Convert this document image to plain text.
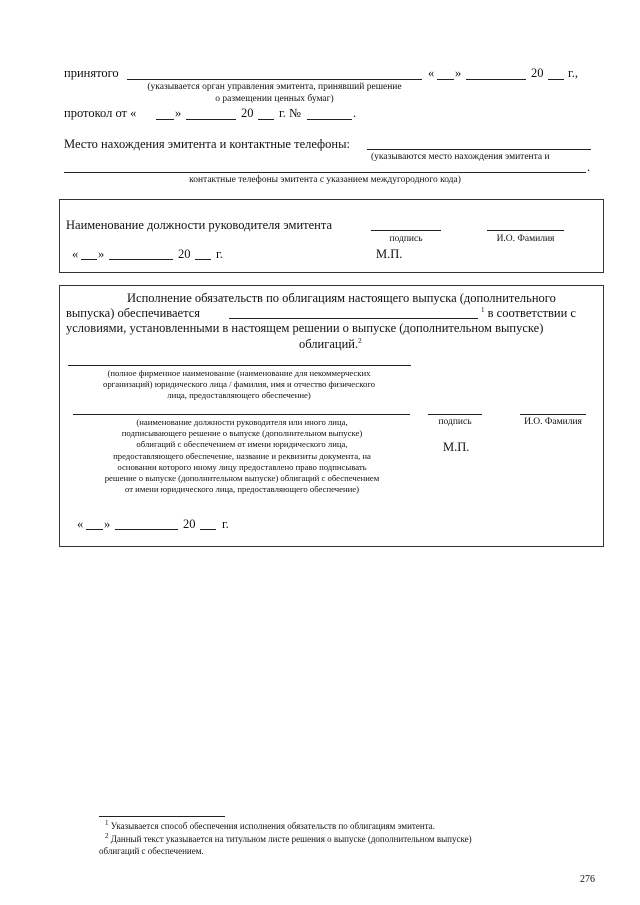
принятого	« »	20 г.,
(указывается орган управления эмитента, принявший решение
о размещении ценных бумаг)
протокол от «	»	20 г. №	.
Место нахождения эмитента и контактные телефоны:
(указываются место нахождения эмитента и
.
контактные телефоны эмитента с указанием междугородного кода)
Наименование должности руководителя эмитента
подпись	И.О. Фамилия
« »	20 г.	М.П.
Исполнение обязательств по облигациям настоящего выпуска (дополнительного
выпуска) обеспечивается	$^1$ в соответствии с
условиями, установленными в настоящем решении о выпуске (дополнительном выпуске)
облигаций.$^2$
(полное фирменное наименование (наименование для некоммерческих
организаций) юридического лица / фамилия, имя и отчество физического
лица, предоставляющего обеспечение)
(наименование должности руководителя или иного лица,
подписывающего решение о выпуске (дополнительном выпуске)
облигаций с обеспечением от имени юридического лица,
предоставляющего обеспечение, название и реквизиты документа, на
основании которого иному лицу предоставлено право подписывать
решение о выпуске (дополнительном выпуске) облигаций с обеспечением
от имени юридического лица, предоставляющего обеспечение)
подпись	И.О. Фамилия
М.П.
« »	20 г.
$^1$ Указывается способ обеспечения исполнения обязательств по облигациям эмитента.
$^2$ Данный текст указывается на титульном листе решения о выпуске (дополнительном выпуске)
облигаций с обеспечением.
276
